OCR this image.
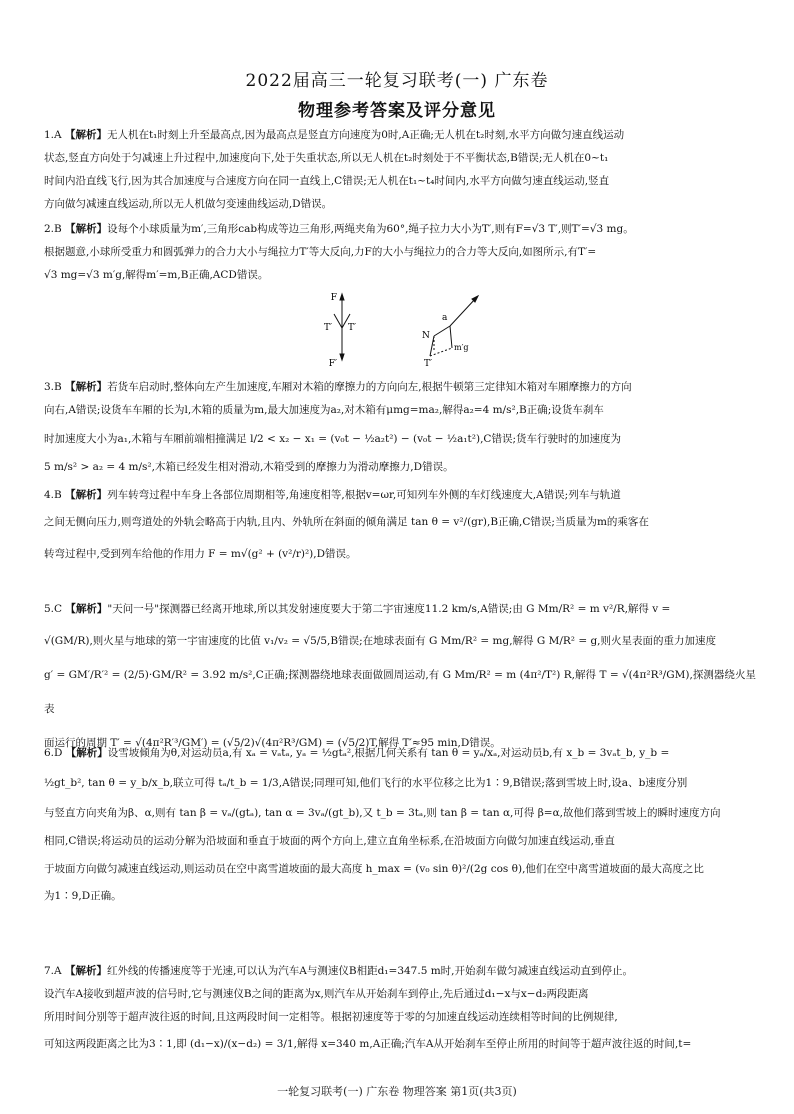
2022届高三一轮复习联考(一) 广东卷
物理参考答案及评分意见
1.A 【解析】无人机在t₁时刻上升至最高点,因为最高点是竖直方向速度为0时,A正确;无人机在t₂时刻,水平方向做匀速直线运动
状态,竖直方向处于匀减速上升过程中,加速度向下,处于失重状态,所以无人机在t₂时刻处于不平衡状态,B错误;无人机在0~t₁
时间内沿直线飞行,因为其合加速度与合速度方向在同一直线上,C错误;无人机在t₁~t₄时间内,水平方向做匀速直线运动,竖直
方向做匀减速直线运动,所以无人机做匀变速曲线运动,D错误。
2.B 【解析】设每个小球质量为m′,三角形cab构成等边三角形,两绳夹角为60°,绳子拉力大小为T′,则有F=√3 T′,则T′=√3 mg。
根据题意,小球所受重力和圆弧弹力的合力大小与绳拉力T′等大反向,力F的大小与绳拉力的合力等大反向,如图所示,有T′=
√3 mg=√3 m′g,解得m′=m,B正确,ACD错误。
F
T′ T′
F′
a
N
m′g
T′
3.B 【解析】若货车启动时,整体向左产生加速度,车厢对木箱的摩擦力的方向向左,根据牛顿第三定律知木箱对车厢摩擦力的方向
向右,A错误;设货车车厢的长为l,木箱的质量为m,最大加速度为a₂,对木箱有μmg=ma₂,解得a₂=4 m/s²,B正确;设货车刹车
时加速度大小为a₁,木箱与车厢前端相撞满足 l/2 < x₂ − x₁ = (v₀t − ½a₂t²) − (v₀t − ½a₁t²),C错误;货车行驶时的加速度为
5 m/s² > a₂ = 4 m/s²,木箱已经发生相对滑动,木箱受到的摩擦力为滑动摩擦力,D错误。
4.B 【解析】列车转弯过程中车身上各部位周期相等,角速度相等,根据v=ωr,可知列车外侧的车灯线速度大,A错误;列车与轨道
之间无侧向压力,则弯道处的外轨会略高于内轨,且内、外轨所在斜面的倾角满足 tan θ = v²/(gr),B正确,C错误;当质量为m的乘客在
转弯过程中,受到列车给他的作用力 F = m√(g² + (v²/r)²),D错误。
5.C 【解析】"天问一号"探测器已经离开地球,所以其发射速度要大于第二宇宙速度11.2 km/s,A错误;由 G Mm/R² = m v²/R,解得 v =
√(GM/R),则火星与地球的第一宇宙速度的比值 v₁/v₂ = √5/5,B错误;在地球表面有 G Mm/R² = mg,解得 G M/R² = g,则火星表面的重力加速度
g′ = GM′/R′² = (2/5)·GM/R² = 3.92 m/s²,C正确;探测器绕地球表面做圆周运动,有 G Mm/R² = m (4π²/T²) R,解得 T = √(4π²R³/GM),探测器绕火星表
面运行的周期 T′ = √(4π²R′³/GM′) = (√5/2)√(4π²R³/GM) = (√5/2)T,解得 T′≈95 min,D错误。
6.D 【解析】设雪坡倾角为θ,对运动员a,有 xₐ = vₐtₐ, yₐ = ½gtₐ²,根据几何关系有 tan θ = yₐ/xₐ,对运动员b,有 x_b = 3vₐt_b, y_b =
½gt_b², tan θ = y_b/x_b,联立可得 tₐ/t_b = 1/3,A错误;同理可知,他们飞行的水平位移之比为1∶9,B错误;落到雪坡上时,设a、b速度分别
与竖直方向夹角为β、α,则有 tan β = vₐ/(gtₐ), tan α = 3vₐ/(gt_b),又 t_b = 3tₐ,则 tan β = tan α,可得 β=α,故他们落到雪坡上的瞬时速度方向
相同,C错误;将运动员的运动分解为沿坡面和垂直于坡面的两个方向上,建立直角坐标系,在沿坡面方向做匀加速直线运动,垂直
于坡面方向做匀减速直线运动,则运动员在空中离雪道坡面的最大高度 h_max = (v₀ sin θ)²/(2g cos θ),他们在空中离雪道坡面的最大高度之比
为1∶9,D正确。
7.A 【解析】红外线的传播速度等于光速,可以认为汽车A与测速仪B相距d₁=347.5 m时,开始刹车做匀减速直线运动直到停止。
设汽车A接收到超声波的信号时,它与测速仪B之间的距离为x,则汽车从开始刹车到停止,先后通过d₁−x与x−d₂两段距离
所用时间分别等于超声波往返的时间,且这两段时间一定相等。根据初速度等于零的匀加速直线运动连续相等时间的比例规律,
可知这两段距离之比为3∶1,即 (d₁−x)/(x−d₂) = 3/1,解得 x=340 m,A正确;汽车A从开始刹车至停止所用的时间等于超声波往返的时间,t=
一轮复习联考(一) 广东卷 物理答案 第1页(共3页)
